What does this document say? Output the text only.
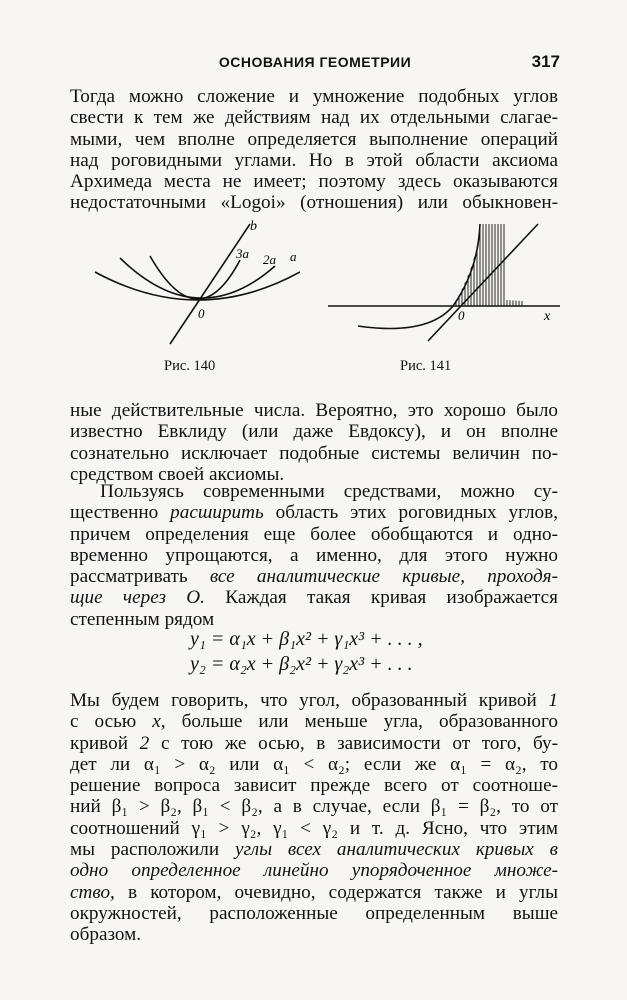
ОСНОВАНИЯ ГЕОМЕТРИИ	317
Тогда можно сложение и умножение подобных углов
свести к тем же действиям над их отдельными слагае-
мыми, чем вполне определяется выполнение операций
над роговидными углами. Но в этой области аксиома
Архимеда места не имеет; поэтому здесь оказываются
недостаточными «Logoi» (отношения) или обыкновен-
b
3a 2a a
0
Рис. 140
0	x
Рис. 141
ные действительные числа. Вероятно, это хорошо было
известно Евклиду (или даже Евдоксу), и он вполне
сознательно исключает подобные системы величин по-
средством своей аксиомы.
Пользуясь современными средствами, можно су-
щественно расширить область этих роговидных углов,
причем определения еще более обобщаются и одно-
временно упрощаются, а именно, для этого нужно
рассматривать все аналитические кривые, проходя-
щие через О. Каждая такая кривая изображается
степенным рядом
y₁ = α₁x + β₁x² + γ₁x³ + . . . ,
y₂ = α₂x + β₂x² + γ₂x³ + . . .
Мы будем говорить, что угол, образованный кривой 1
с осью x, больше или меньше угла, образованного
кривой 2 с тою же осью, в зависимости от того, бу-
дет ли α₁ > α₂ или α₁ < α₂; если же α₁ = α₂, то
решение вопроса зависит прежде всего от соотноше-
ний β₁ > β₂, β₁ < β₂, а в случае, если β₁ = β₂, то от
соотношений γ₁ > γ₂, γ₁ < γ₂ и т. д. Ясно, что этим
мы расположили углы всех аналитических кривых в
одно определенное линейно упорядоченное множе-
ство, в котором, очевидно, содержатся также и углы
окружностей, расположенные определенным выше
образом.
